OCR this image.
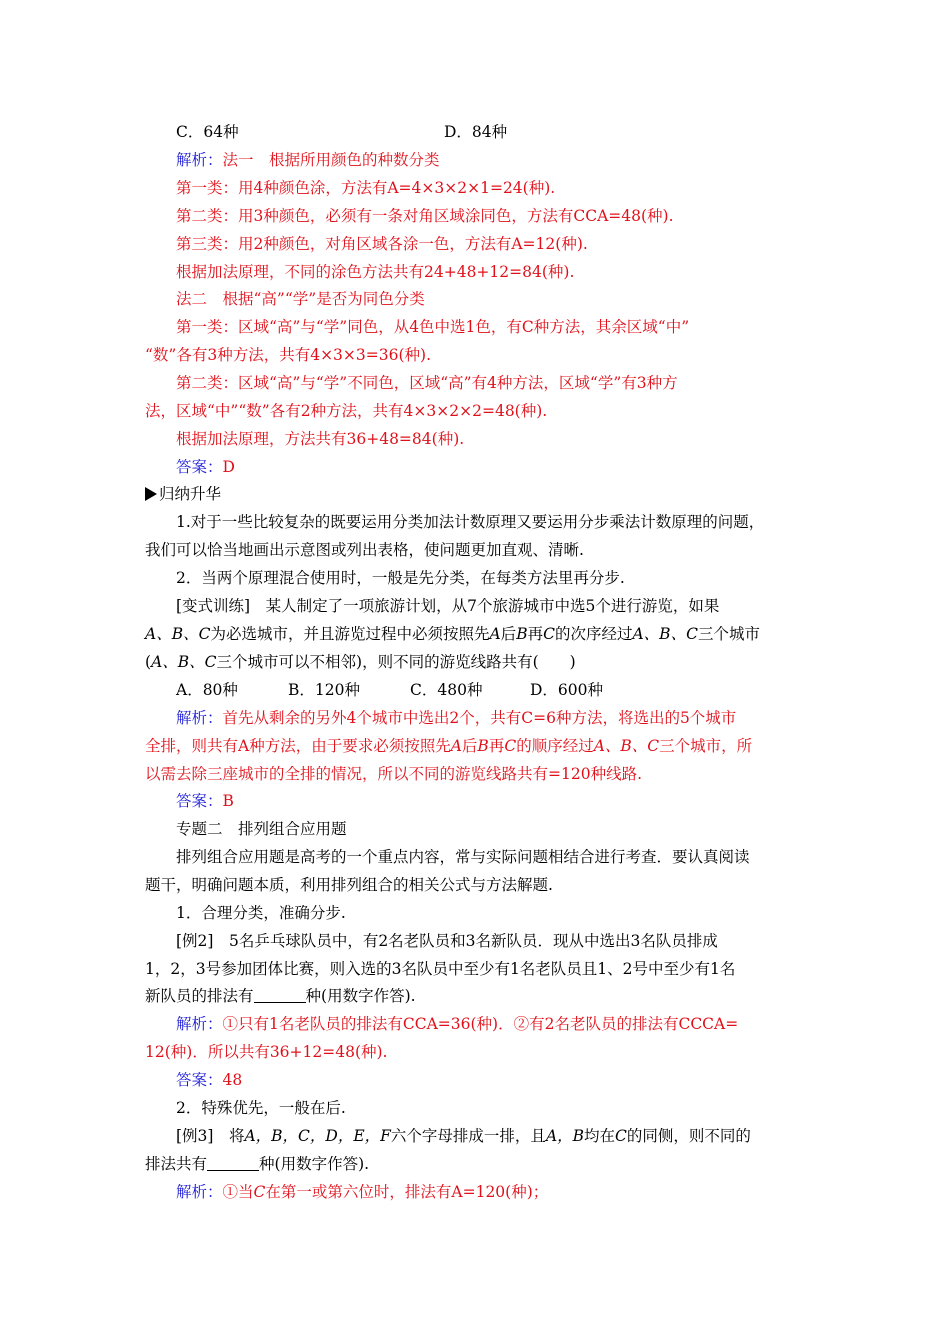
C．64种	D．84种
解析：法一　根据所用颜色的种数分类
第一类：用4种颜色涂，方法有A=4×3×2×1=24(种).
第二类：用3种颜色，必须有一条对角区域涂同色，方法有CCA=48(种).
第三类：用2种颜色，对角区域各涂一色，方法有A=12(种).
根据加法原理，不同的涂色方法共有24+48+12=84(种).
法二　根据“高”“学”是否为同色分类
第一类：区域“高”与“学”同色，从4色中选1色，有C种方法，其余区域“中”
“数”各有3种方法，共有4×3×3=36(种).
第二类：区域“高”与“学”不同色，区域“高”有4种方法，区域“学”有3种方
法，区域“中”“数”各有2种方法，共有4×3×2×2=48(种).
根据加法原理，方法共有36+48=84(种).
答案：D
归纳升华
1.对于一些比较复杂的既要运用分类加法计数原理又要运用分步乘法计数原理的问题，
我们可以恰当地画出示意图或列出表格，使问题更加直观、清晰.
2．当两个原理混合使用时，一般是先分类，在每类方法里再分步.
[变式训练]　某人制定了一项旅游计划，从7个旅游城市中选5个进行游览，如果
A、B、C为必选城市，并且游览过程中必须按照先A后B再C的次序经过A、B、C三个城市
(A、B、C三个城市可以不相邻)，则不同的游览线路共有(　　)
A．80种	B．120种	C．480种	D．600种
解析：首先从剩余的另外4个城市中选出2个，共有C=6种方法，将选出的5个城市
全排，则共有A种方法，由于要求必须按照先A后B再C的顺序经过A、B、C三个城市，所
以需去除三座城市的全排的情况，所以不同的游览线路共有=120种线路.
答案：B
专题二　排列组合应用题
排列组合应用题是高考的一个重点内容，常与实际问题相结合进行考查．要认真阅读
题干，明确问题本质，利用排列组合的相关公式与方法解题.
1．合理分类，准确分步.
[例2]　5名乒乓球队员中，有2名老队员和3名新队员．现从中选出3名队员排成
1，2，3号参加团体比赛，则入选的3名队员中至少有1名老队员且1、2号中至少有1名
新队员的排法有	种(用数字作答).
解析：①只有1名老队员的排法有CCA=36(种)．②有2名老队员的排法有CCCA=
12(种)．所以共有36+12=48(种).
答案：48
2．特殊优先，一般在后.
[例3]　将A，B，C，D，E，F六个字母排成一排，且A，B均在C的同侧，则不同的
排法共有	种(用数字作答).
解析：①当C在第一或第六位时，排法有A=120(种)；
